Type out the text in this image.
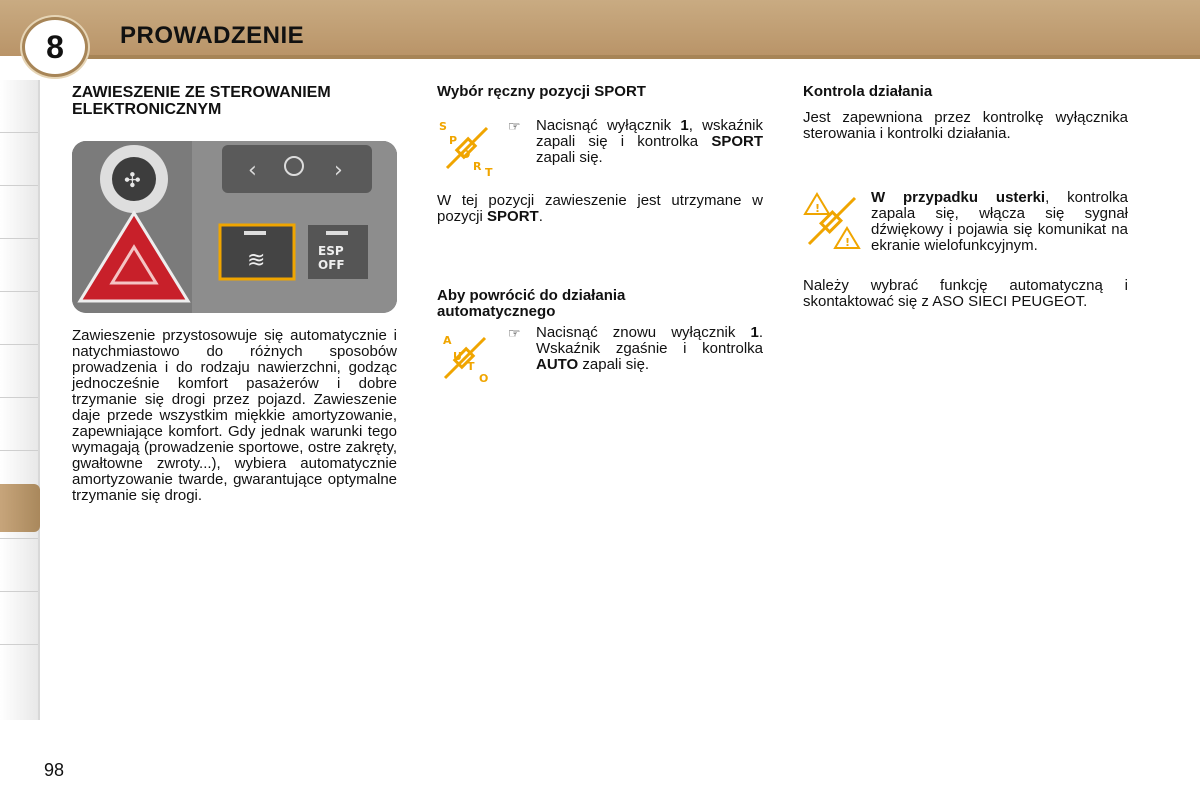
8 PROWADZENIE

ZAWIESZENIE ZE STEROWANIEM
ELEKTRONICZNYM

‹	›
✣
≋	ESP
OFF

Zawieszenie przystosowuje się automatycznie i natychmiastowo do różnych sposobów prowadzenia i do rodzaju nawierzchni, godząc jednocześnie komfort pasażerów i dobre trzymanie się drogi przez pojazd. Zawieszenie daje przede wszystkim miękkie amortyzowanie, zapewniające komfort. Gdy jednak warunki tego wymagają (prowadzenie sportowe, ostre zakręty, gwałtowne zwroty...), wybiera automatycznie amortyzowanie twarde, gwarantujące optymalne trzymanie się drogi.

Wybór ręczny pozycji SPORT

S
P
O
R T
☞	Nacisnąć wyłącznik 1, wskaźnik zapali się i kontrolka SPORT zapali się.

W tej pozycji zawieszenie jest utrzymane w pozycji SPORT.

Aby powrócić do działania
automatycznego

A
U
T
O
☞	Nacisnąć znowu wyłącznik 1. Wskaźnik zgaśnie i kontrolka AUTO zapali się.

Kontrola działania

Jest zapewniona przez kontrolkę wyłącznika sterowania i kontrolki działania.

!
!

W przypadku usterki, kontrolka zapala się, włącza się sygnał dźwiękowy i pojawia się komunikat na ekranie wielofunkcyjnym.

Należy wybrać funkcję automatyczną i skontaktować się z ASO SIECI PEUGEOT.

98
